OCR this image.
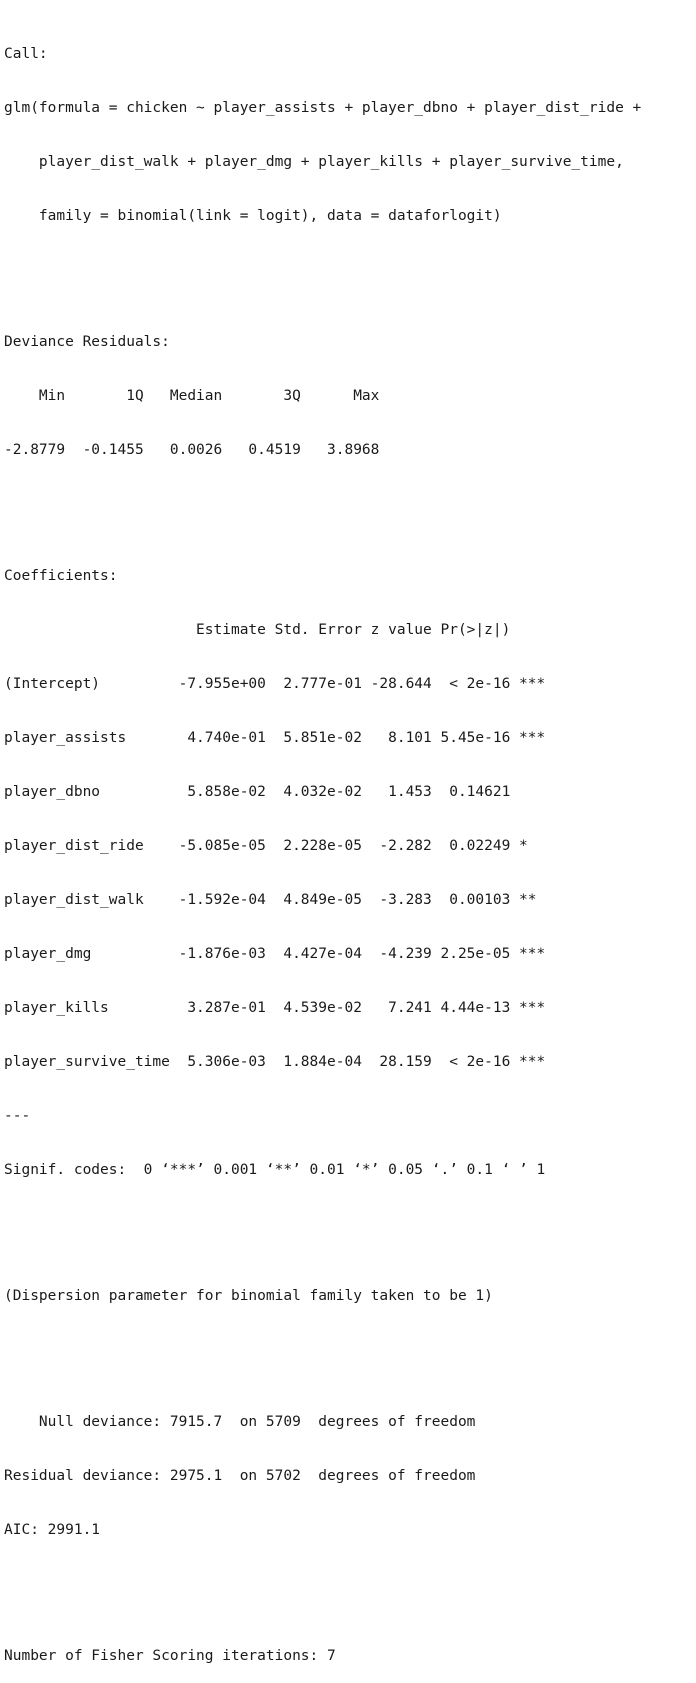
Call:

glm(formula = chicken ~ player_assists + player_dbno + player_dist_ride +

player_dist_walk + player_dmg + player_kills + player_survive_time,

family = binomial(link = logit), data = dataforlogit)

Deviance Residuals:

Min       1Q   Median       3Q      Max

-2.8779  -0.1455   0.0026   0.4519   3.8968

Coefficients:

Estimate Std. Error z value Pr(>|z|)

(Intercept)         -7.955e+00  2.777e-01 -28.644  < 2e-16 ***

player_assists       4.740e-01  5.851e-02   8.101 5.45e-16 ***

player_dbno          5.858e-02  4.032e-02   1.453  0.14621

player_dist_ride    -5.085e-05  2.228e-05  -2.282  0.02249 *

player_dist_walk    -1.592e-04  4.849e-05  -3.283  0.00103 **

player_dmg          -1.876e-03  4.427e-04  -4.239 2.25e-05 ***

player_kills         3.287e-01  4.539e-02   7.241 4.44e-13 ***

player_survive_time  5.306e-03  1.884e-04  28.159  < 2e-16 ***

---

Signif. codes:  0 ‘***’ 0.001 ‘**’ 0.01 ‘*’ 0.05 ‘.’ 0.1 ‘ ’ 1

(Dispersion parameter for binomial family taken to be 1)

Null deviance: 7915.7  on 5709  degrees of freedom

Residual deviance: 2975.1  on 5702  degrees of freedom

AIC: 2991.1

Number of Fisher Scoring iterations: 7
